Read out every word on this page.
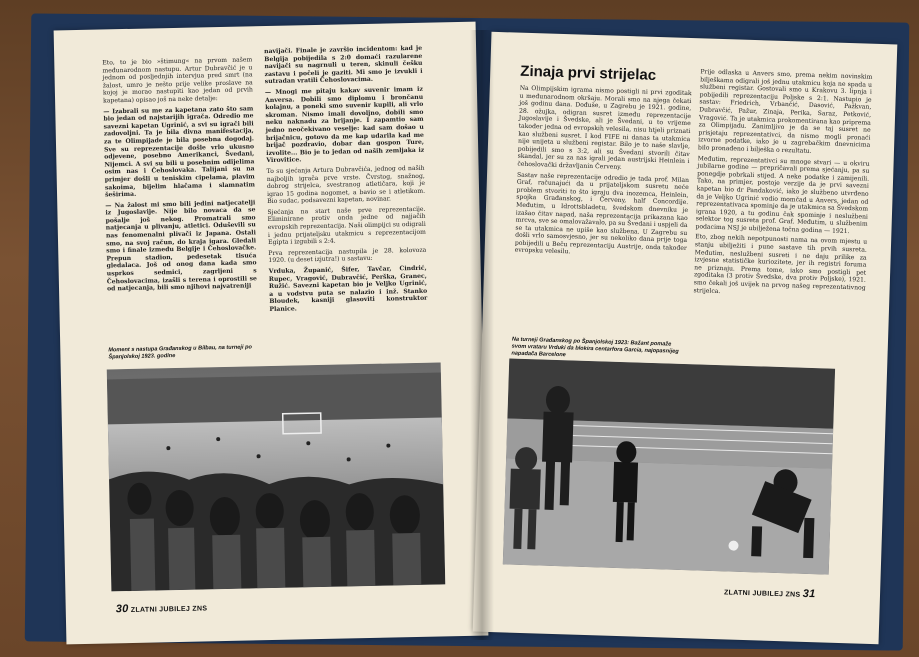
Eto, to je bio »štimung« na prvom našem međunarodnom nastupu. Artur Dubravčić je u jednom od posljednjih intervjua pred smrt (na žalost, umro je nešto prije velike proslave na kojoj je morao nastupiti kao jedan od prvih kapetana) opisao još na neke detalje:

— Izabrali su me za kapetana zato što sam bio jedan od najstarijih igrača. Odredio me savezni kapetan Ugrinić, a svi su igrači bili zadovoljni. Ta je bila divna manifestacija, za te Olimpijade je bila posebna dogodaj. Sve su reprezentacije došle vrlo ukusno odjevene, posebno Amerikanci, Švedani, Nijemci. A svi su bili u posebnim odijelima osim nas i Čehoslovaka. Talijani su na primjer došli u teniskim cipelama, plavim sakoima, bijelim hlačama i slamnatim šeširima.

— Na žalost mi smo bili jedini natjecatelji iz Jugoslavije. Nije bilo novaca da se pošalje još nekog. Promatrali smo natjecanja u plivanju, atletici. Oduševili su nas fenomenalni plivači iz Japana. Ostali smo, na svoj račun, do kraja igara. Gledali smo i finale između Belgije i Čehoslovačke. Prepun stadion, pedesetak tisuća gledalaca. Još od onog dana kada smo usprkos sedmici, zagrljeni s Čehoslovacima, izašli s terena i oprostili se od natjecanja, bili smo njihovi najvatreniji

navijači. Finale je završio incidentom: kad je Belgija pobijedila s 2:0 domaći razularene navijači su nagrnuli u teren, skinuli češku zastavu i počeli je gaziti. Mi smo je izvukli i sutradan vratili Čehoslovacima.

— Mnogi me pitaju kakav suvenir imam iz Anversa. Dobili smo diplomu i brončanu kolajnu, a poneki smo suvenir kupili, ali vrlo skroman. Nismo imali dovoljno, dobili smo neku naknadu za brijanje. I zapamtio sam jedno neočekivano veselje: kad sam došao u brijačnicu, gotovo da me kap udarila kad me brijač pozdravio, dobar dan gospon Ture, izvolite... Bio je to jedan od naših zemljaka iz Virovitice.

To su sjećanja Artura Dubravčića, jednog od naših najboljih igrača prve vrste. Čvrstog, snažnog, dobrog strijelca, svestranog atletičara, koji je igrao 15 godina nogomet, a bavio se i atletikom. Bio sudac, podsavezni kapetan, novinar.

Sjećanja na start naše prve reprezentacije. Eliminirane protiv onda jedne od najjačih evropskih reprezentacija. Naši olimpijci su odigrali i jednu prijateljsku utakmicu s reprezentacijom Egipta i izgubili s 2:4.

Prva reprezentacija nastupila je 28. kolovoza 1920. (u deset izjutra!) u sastavu:

Vrduka, Županić, Šifer, Tavčar, Cindrić, Rupec, Vragović, Dubravčić, Perška, Granec, Ružić. Savezni kapetan bio je Veljko Ugrinić, a u vodstvu puta se nalazio i inž. Stanko Bloudek, kasniji glasoviti konstruktor Planice.

Moment s nastupa Građanskog u Bilbau, na turneji po Španjolskoj 1923. godine
30 ZLATNI JUBILEJ ZNS
Zinaja prvi strijelac

Na Olimpijskim igrama nismo postigli ni prvi zgoditak u međunarodnom okršaju. Morali smo na njega čekati još godinu dana. Dođuše, u Zagrebu je 1921. godine, 28. ožujka, odigran susret između reprezentacije Jugoslavije i Švedske, ali je Švedani, u to vrijeme također jedna od evropskih velesila, nisu htjeli priznati kao službeni susret. I kod FIFE ni danas ta utakmica nije unijeta u službeni registar. Bilo je to naše slavlje, pobijedili smo s 3:2, ali su Švedani stvorili čitav skandal, jer su za nas igrali jedan austrijski Heinlein i čehoslovački državljanin Červeny.

Sastav naše reprezentacije odredio je tada prof. Milan Graf, računajući da u prijateljskom susretu neće problem stvoriti to što igraju dva inozemca, Heinlein, spojka Građanskog, i Červeny, half Concordije. Međutim, u Idrottsbladetu, švedskom dnevniku je izašao čitav napad, naša reprezentacija prikazana kao mrcva, sve se omalovažavalo, pa su Švedani i uspjeli da se ta utakmica ne upiše kao službena. U Zagrebu su došli vrlo samosvjesno, jer su nekoliko dana prije toga pobijedili u Beču reprezentaciju Austrije, onda također evropsku velesilu.

Prije odlaska u Anvers smo, prema nekim novinskim bilješkama odigrali još jednu utakmicu koja ne spada u službeni registar. Gostovali smo u Krakovu 3. lipnja i pobijedili reprezentaciju Poljske s 2:1. Nastupio je sastav: Friedrich, Vrbančić, Dasović, Pažkvan, Dubravčić, Pažur, Zinaja, Perika, Saraz, Petković, Vragović. Ta je utakmica prokomentirana kao priprema za Olimpijadu. Zanimljivo je da se taj susret ne prisjetaju reprezentativci, da nismo mogli pronaći izvorne podatke, iako je u zagrebačkim dnevnicima bilo pronađeno i bilješka o rezultatu.

Međutim, reprezentativci su mnoge stvari — u okviru jubilarne godine — prepričavali prema sjećanju, pa su ponegdje pobrkali stijed. A neke podatke i zamijenili. Tako, na primjer, postoje verzije da je prvi savezni kapetan bio dr Pandaković, iako je službeno utvrđeno da je Veljko Ugrinić vodio momčad u Anvers, jedan od reprezentativaca spominje da je utakmica sa Švedskom igrana 1920, a tu godinu čak spominje i neslužbeni selektor tog susreta prof. Graf. Međutim, u službenim podacima NSJ je ubilježena točna godina — 1921.

Eto, zbog nekih nepotpunosti nama na ovom mjestu u stanju ubilježiti i punе sastave tih prvih susreta. Međutim, neslužbeni susreti i ne daju prilike za izvjesne statističke kuriozitete, jer ih registri foruma ne priznaju. Prema tome, iako smo postigli pet zgoditaka (3 protiv Švedske, dva protiv Poljske), 1921. smo čekali još uvijek na prvog našeg reprezentativnog strijelca.

Na turneji Građanskog po Španjolskoj 1923: Bažant pomaže svom vrataru Vrduki da blokira centarfora Garcia, najopasnijeg napadača Barcelone
ZLATNI JUBILEJ ZNS 31
